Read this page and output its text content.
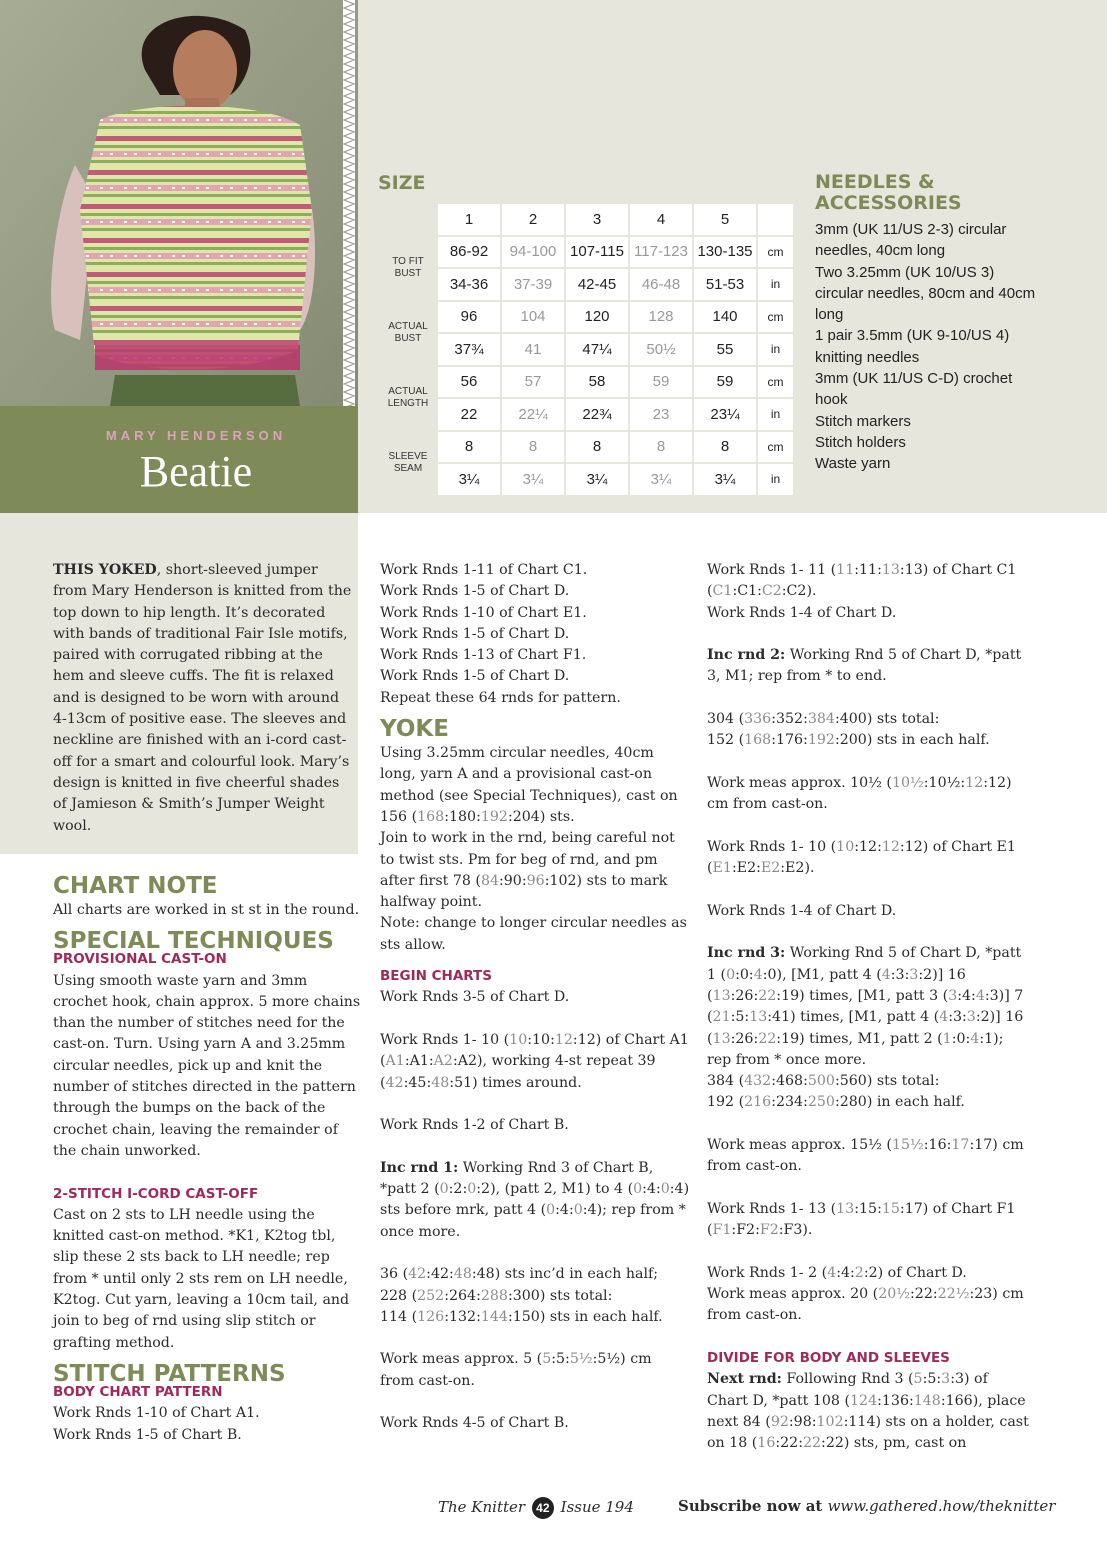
MARY HENDERSON
Beatie
SIZE
	1	2	3	4	5	
TO FIT BUST	86-92	94-100	107-115	117-123	130-135	cm
	34-36	37-39	42-45	46-48	51-53	in
ACTUAL BUST	96	104	120	128	140	cm
	37¾	41	47¼	50½	55	in
ACTUAL LENGTH	56	57	58	59	59	cm
	22	22¼	22¾	23	23¼	in
SLEEVE SEAM	8	8	8	8	8	cm
	3¼	3¼	3¼	3¼	3¼	in
NEEDLES &
ACCESSORIES
3mm (UK 11/US 2-3) circular needles, 40cm long
Two 3.25mm (UK 10/US 3) circular needles, 80cm and 40cm long
1 pair 3.5mm (UK 9-10/US 4) knitting needles
3mm (UK 11/US C-D) crochet hook
Stitch markers
Stitch holders
Waste yarn

THIS YOKED, short-sleeved jumper from Mary Henderson is knitted from the top down to hip length. It’s decorated with bands of traditional Fair Isle motifs, paired with corrugated ribbing at the hem and sleeve cuffs. The fit is relaxed and is designed to be worn with around 4-13cm of positive ease. The sleeves and neckline are finished with an i-cord cast-off for a smart and colourful look. Mary’s design is knitted in five cheerful shades of Jamieson & Smith’s Jumper Weight wool.

CHART NOTE

All charts are worked in st st in the round.

SPECIAL TECHNIQUES
PROVISIONAL CAST-ON

Using smooth waste yarn and 3mm crochet hook, chain approx. 5 more chains than the number of stitches need for the cast-on. Turn. Using yarn A and 3.25mm circular needles, pick up and knit the number of stitches directed in the pattern through the bumps on the back of the crochet chain, leaving the remainder of the chain unworked.

2-STITCH I-CORD CAST-OFF

Cast on 2 sts to LH needle using the knitted cast-on method. *K1, K2tog tbl, slip these 2 sts back to LH needle; rep from * until only 2 sts rem on LH needle, K2tog. Cut yarn, leaving a 10cm tail, and join to beg of rnd using slip stitch or grafting method.

STITCH PATTERNS
BODY CHART PATTERN

Work Rnds 1-10 of Chart A1.

Work Rnds 1-5 of Chart B.

Work Rnds 1-11 of Chart C1.

Work Rnds 1-5 of Chart D.

Work Rnds 1-10 of Chart E1.

Work Rnds 1-5 of Chart D.

Work Rnds 1-13 of Chart F1.

Work Rnds 1-5 of Chart D.

Repeat these 64 rnds for pattern.

YOKE

Using 3.25mm circular needles, 40cm long, yarn A and a provisional cast-on method (see Special Techniques), cast on 156 (168:180:192:204) sts.

Join to work in the rnd, being careful not to twist sts. Pm for beg of rnd, and pm after first 78 (84:90:96:102) sts to mark halfway point.

Note: change to longer circular needles as sts allow.

BEGIN CHARTS

Work Rnds 3-5 of Chart D.

Work Rnds 1- 10 (10:10:12:12) of Chart A1 (A1:A1:A2:A2), working 4-st repeat 39 (42:45:48:51) times around.

Work Rnds 1-2 of Chart B.

Inc rnd 1: Working Rnd 3 of Chart B, *patt 2 (0:2:0:2), (patt 2, M1) to 4 (0:4:0:4) sts before mrk, patt 4 (0:4:0:4); rep from * once more.

36 (42:42:48:48) sts inc’d in each half;

228 (252:264:288:300) sts total:

114 (126:132:144:150) sts in each half.

Work meas approx. 5 (5:5:5½:5½) cm from cast-on.

Work Rnds 4-5 of Chart B.

Work Rnds 1- 11 (11:11:13:13) of Chart C1 (C1:C1:C2:C2).

Work Rnds 1-4 of Chart D.

Inc rnd 2: Working Rnd 5 of Chart D, *patt 3, M1; rep from * to end.

304 (336:352:384:400) sts total:

152 (168:176:192:200) sts in each half.

Work meas approx. 10½ (10½:10½:12:12) cm from cast-on.

Work Rnds 1- 10 (10:12:12:12) of Chart E1 (E1:E2:E2:E2).

Work Rnds 1-4 of Chart D.

Inc rnd 3: Working Rnd 5 of Chart D, *patt 1 (0:0:4:0), [M1, patt 4 (4:3:3:2)] 16 (13:26:22:19) times, [M1, patt 3 (3:4:4:3)] 7 (21:5:13:41) times, [M1, patt 4 (4:3:3:2)] 16 (13:26:22:19) times, M1, patt 2 (1:0:4:1); rep from * once more.

384 (432:468:500:560) sts total:

192 (216:234:250:280) in each half.

Work meas approx. 15½ (15½:16:17:17) cm from cast-on.

Work Rnds 1- 13 (13:15:15:17) of Chart F1 (F1:F2:F2:F3).

Work Rnds 1- 2 (4:4:2:2) of Chart D.

Work meas approx. 20 (20½:22:22½:23) cm from cast-on.

DIVIDE FOR BODY AND SLEEVES

Next rnd: Following Rnd 3 (5:5:3:3) of Chart D, *patt 108 (124:136:148:166), place next 84 (92:98:102:114) sts on a holder, cast on 18 (16:22:22:22) sts, pm, cast on

The Knitter 42 Issue 194	Subscribe now at www.gathered.how/theknitter
